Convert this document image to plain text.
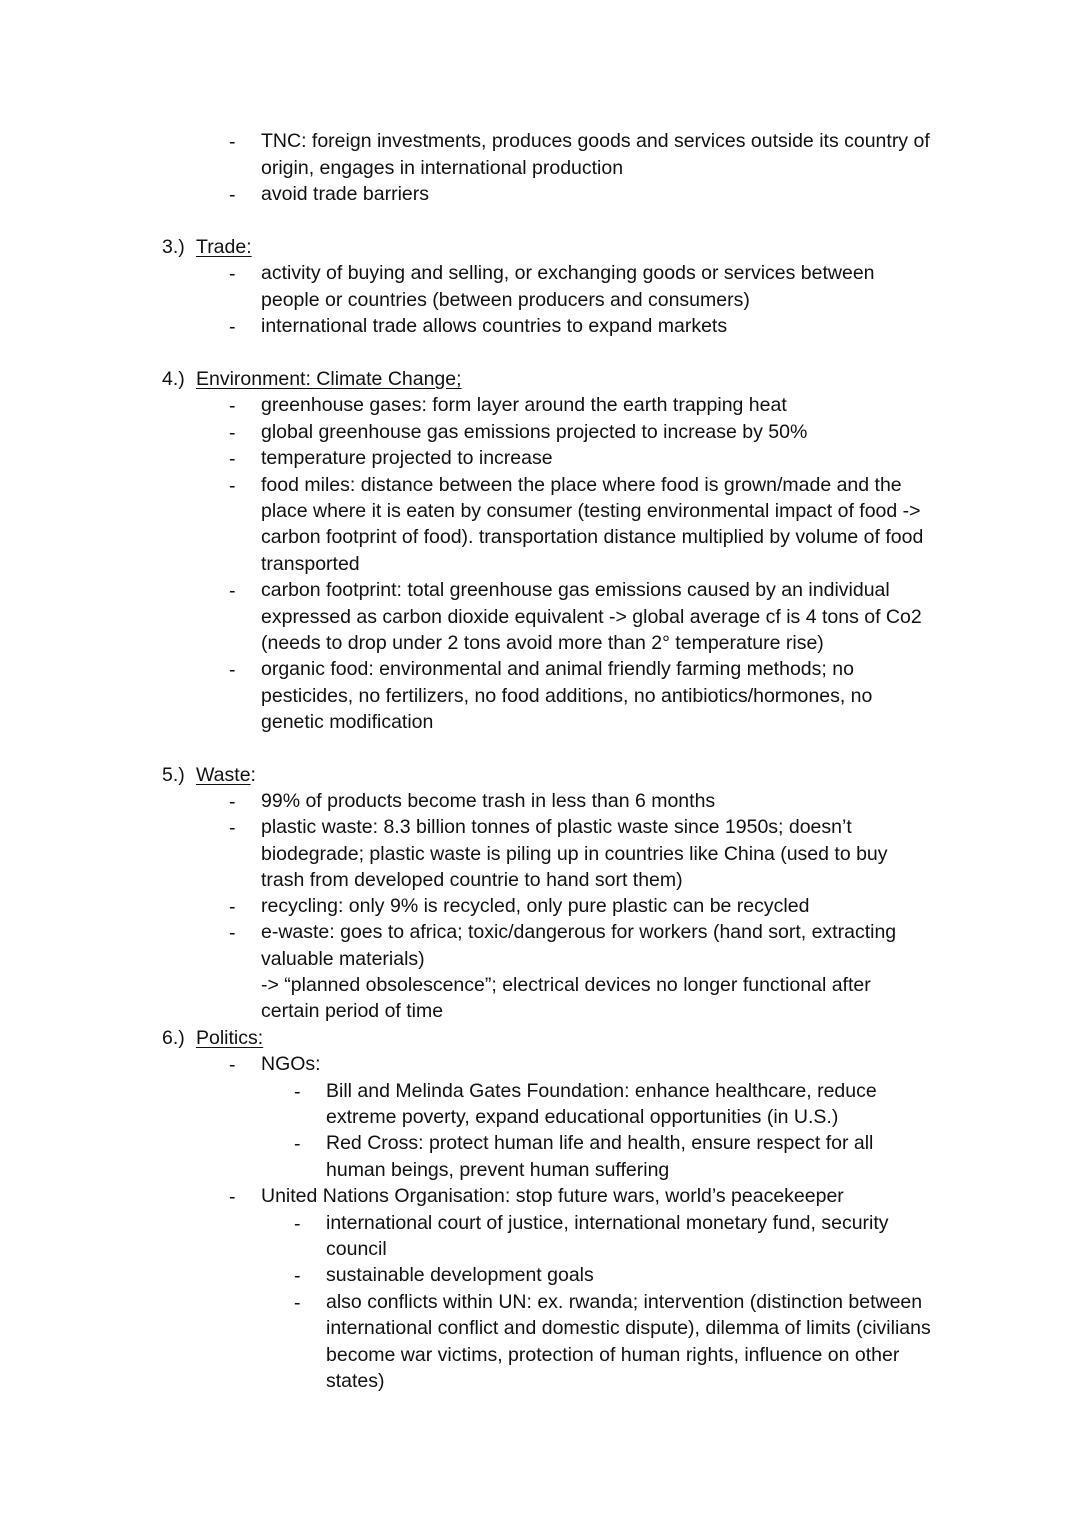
- TNC: foreign investments, produces goods and services outside its country of
origin, engages in international production
- avoid trade barriers
3.) Trade:
- activity of buying and selling, or exchanging goods or services between
people or countries (between producers and consumers)
- international trade allows countries to expand markets
4.) Environment: Climate Change;
- greenhouse gases: form layer around the earth trapping heat
- global greenhouse gas emissions projected to increase by 50%
- temperature projected to increase
- food miles: distance between the place where food is grown/made and the
place where it is eaten by consumer (testing environmental impact of food ->
carbon footprint of food). transportation distance multiplied by volume of food
transported
- carbon footprint: total greenhouse gas emissions caused by an individual
expressed as carbon dioxide equivalent -> global average cf is 4 tons of Co2
(needs to drop under 2 tons avoid more than 2° temperature rise)
- organic food: environmental and animal friendly farming methods; no
pesticides, no fertilizers, no food additions, no antibiotics/hormones, no
genetic modification
5.) Waste:
- 99% of products become trash in less than 6 months
- plastic waste: 8.3 billion tonnes of plastic waste since 1950s; doesn’t
biodegrade; plastic waste is piling up in countries like China (used to buy
trash from developed countrie to hand sort them)
- recycling: only 9% is recycled, only pure plastic can be recycled
- e-waste: goes to africa; toxic/dangerous for workers (hand sort, extracting
valuable materials)
-> “planned obsolescence”; electrical devices no longer functional after
certain period of time
6.) Politics:
- NGOs:
- Bill and Melinda Gates Foundation: enhance healthcare, reduce
extreme poverty, expand educational opportunities (in U.S.)
- Red Cross: protect human life and health, ensure respect for all
human beings, prevent human suffering
- United Nations Organisation: stop future wars, world’s peacekeeper
- international court of justice, international monetary fund, security
council
- sustainable development goals
- also conflicts within UN: ex. rwanda; intervention (distinction between
international conflict and domestic dispute), dilemma of limits (civilians
become war victims, protection of human rights, influence on other
states)
